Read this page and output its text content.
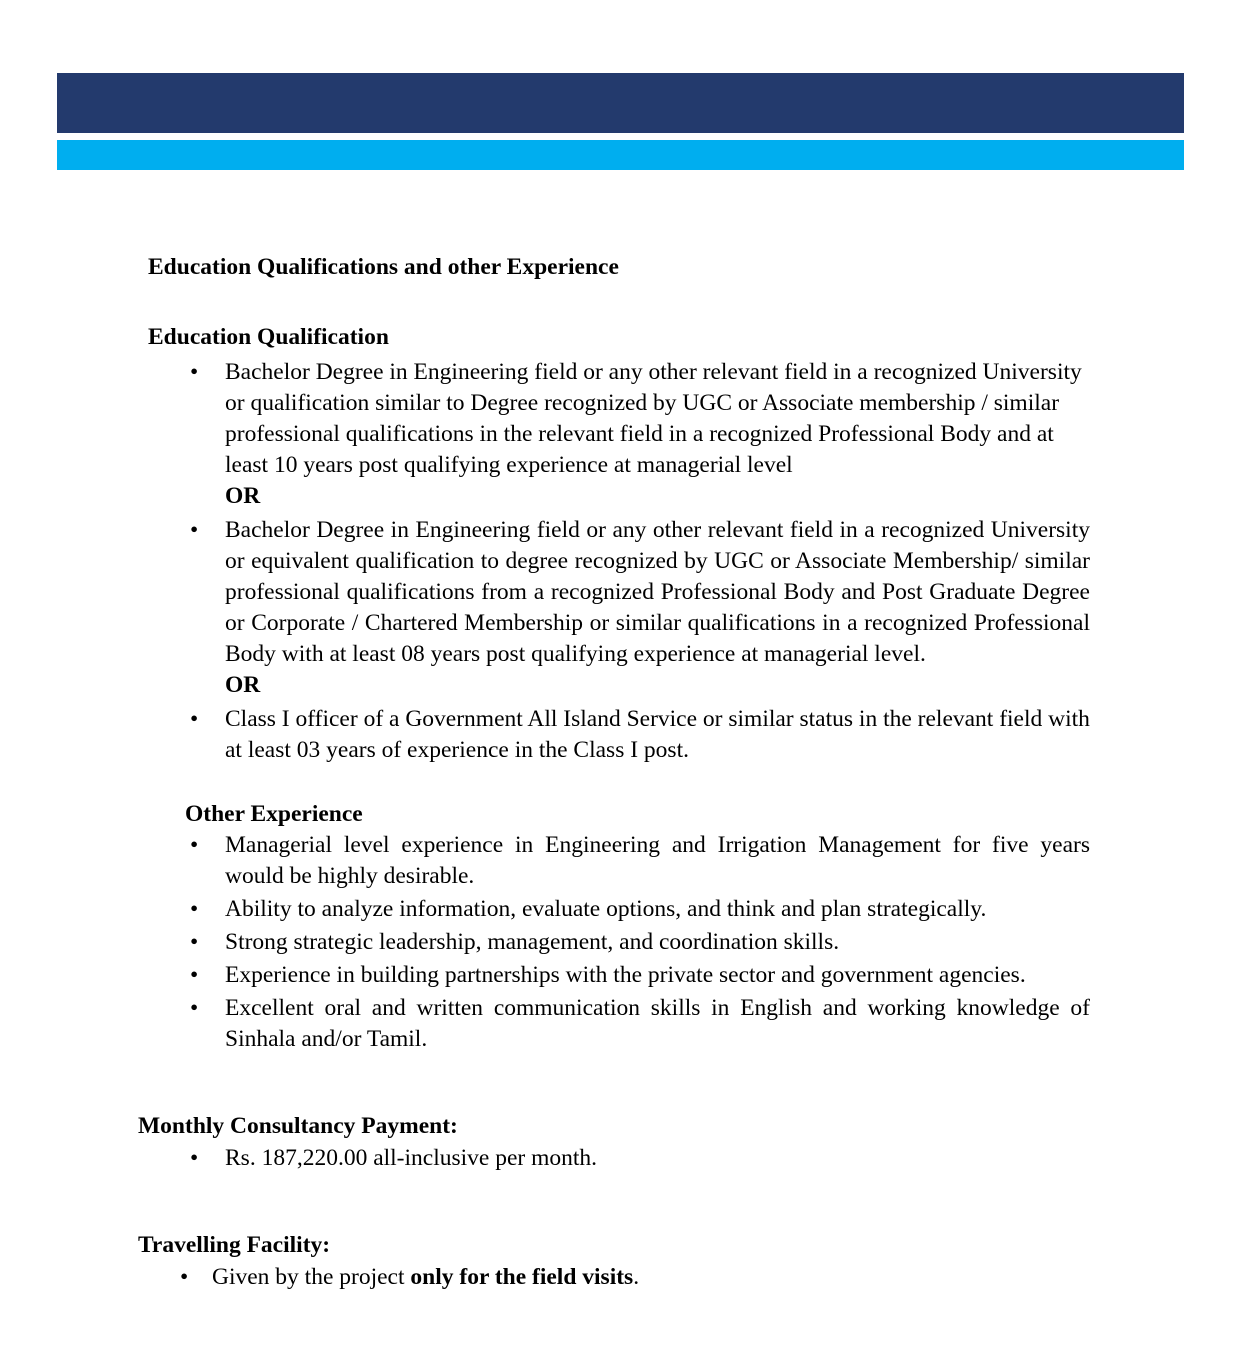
Education Qualifications and other Experience

Education Qualification

•	Bachelor Degree in Engineering field or any other relevant field in a recognized University or qualification similar to Degree recognized by UGC or Associate membership / similar professional qualifications in the relevant field in a recognized Professional Body and at least 10 years post qualifying experience at managerial level
OR
•	Bachelor Degree in Engineering field or any other relevant field in a recognized University or equivalent qualification to degree recognized by UGC or Associate Membership/ similar professional qualifications from a recognized Professional Body and Post Graduate Degree or Corporate / Chartered Membership or similar qualifications in a recognized Professional Body with at least 08 years post qualifying experience at managerial level.
OR
•	Class I officer of a Government All Island Service or similar status in the relevant field with at least 03 years of experience in the Class I post.

Other Experience

•	Managerial level experience in Engineering and Irrigation Management for five years would be highly desirable.
•	Ability to analyze information, evaluate options, and think and plan strategically.
•	Strong strategic leadership, management, and coordination skills.
•	Experience in building partnerships with the private sector and government agencies.
•	Excellent oral and written communication skills in English and working knowledge of Sinhala and/or Tamil.

Monthly Consultancy Payment:

•	Rs. 187,220.00 all-inclusive per month.

Travelling Facility:

•	Given by the project only for the field visits.
